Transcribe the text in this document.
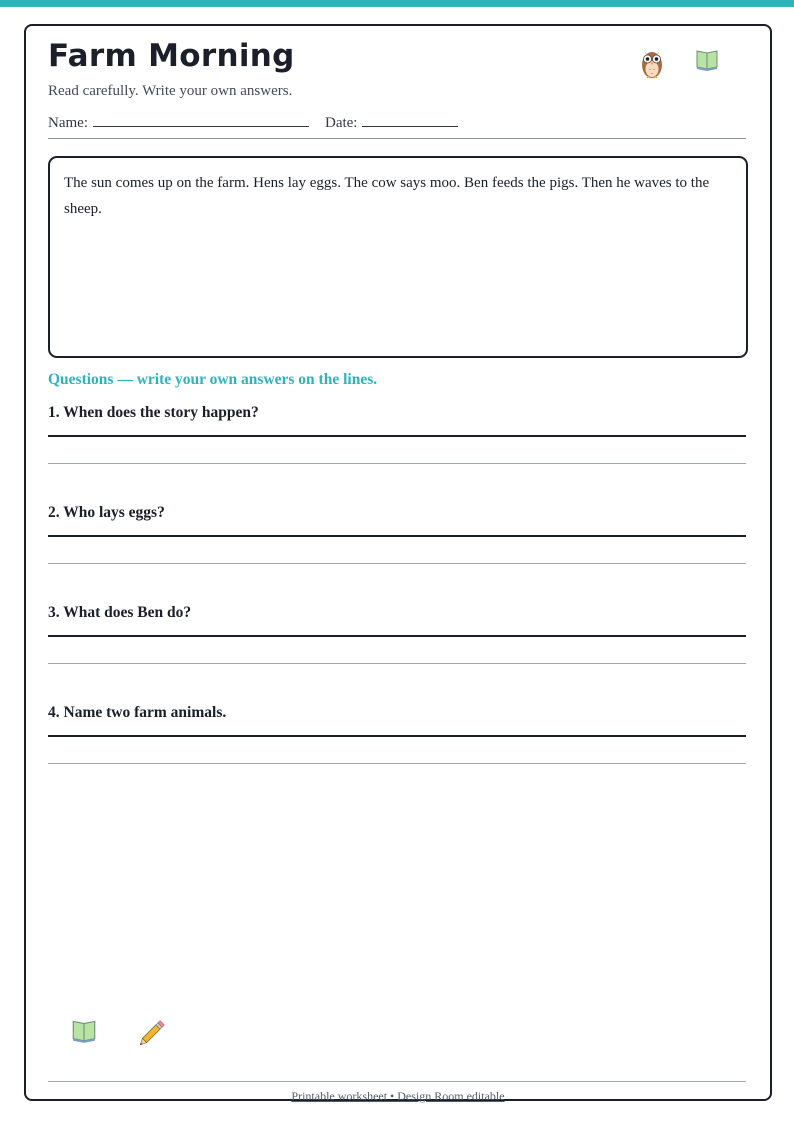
Farm Morning
Read carefully. Write your own answers.
Name:	Date:

The sun comes up on the farm. Hens lay eggs. The cow says moo. Ben feeds the pigs. Then he waves to the sheep.

Questions — write your own answers on the lines.
1. When does the story happen?
2. Who lays eggs?
3. What does Ben do?
4. Name two farm animals.
Printable worksheet • Design Room editable
